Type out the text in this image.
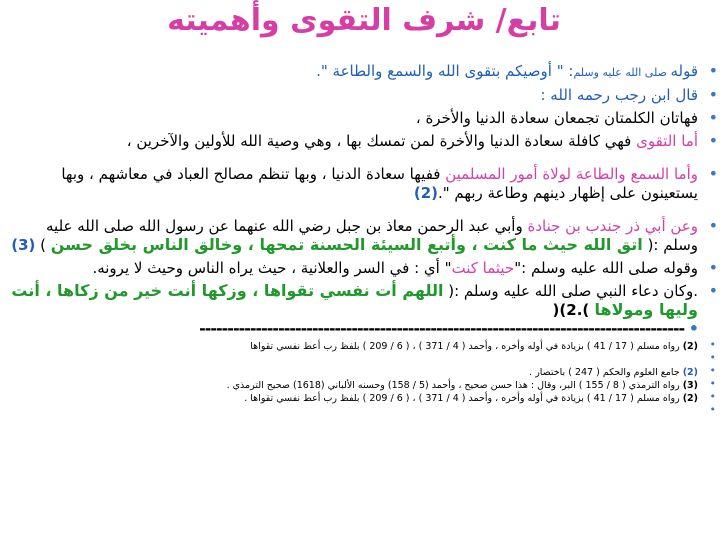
تابع/ شرف التقوى وأهميته

•
قوله صلى الله عليه وسلم: " أوصيكم بتقوى الله والسمع والطاعة ".

•
قال ابن رجب رحمه الله :

•
فهاتان الكلمتان تجمعان سعادة الدنيا والأخرة ،

•
أما التقوى فهي كافلة سعادة الدنيا والأخرة لمن تمسك بها ، وهي وصية الله للأولين والآخرين ،

•
وأما السمع والطاعة لولاة أمور المسلمين ففيها سعادة الدنيا ، وبها تنظم مصالح العباد في معاشهم ، وبها يستعينون على إظهار دينهم وطاعة ربهم ".(2)

•
وعن أبي ذر جندب بن جنادة وأبي عبد الرحمن معاذ بن جبل رضي الله عنهما عن رسول الله صلى الله عليه وسلم :( اتق الله حيث ما كنت ، وأتبع السيئة الحسنة تمحها ، وخالق الناس بخلق حسن ) (3)

•
وقوله صلى الله عليه وسلم :"حيثما كنت" أي : في السر والعلانية ، حيث يراه الناس وحيث لا يرونه.

•
.وكان دعاء النبي صلى الله عليه وسلم :( اللهم أت نفسي تقواها ، وزكها أنت خير من زكاها ، أنت وليها ومولاها ).2)(

• --------------------------------------------------------------------------------------
•
(2) رواه مسلم ( 17 / 41 ) بزيادة في أوله وأخره ، وأحمد ( 4 / 371 ) ، ( 6 / 209 ) بلفظ رب أعط نفسي تقواها
•

•
(2) جامع العلوم والحكم ( 247 ) باختصار .
•
(3) رواه الترمذي ( 8 / 155 ) البر، وقال : هذا حسن صحيح ، وأحمد (5 / 158) وحسنه الألباني (1618) صحيح الترمذي .
•
(2) رواه مسلم ( 17 / 41 ) بزيادة في أوله وأخره ، وأحمد ( 4 / 371 ) ، ( 6 / 209 ) بلفظ رب أعط نفسي تقواها .
•
